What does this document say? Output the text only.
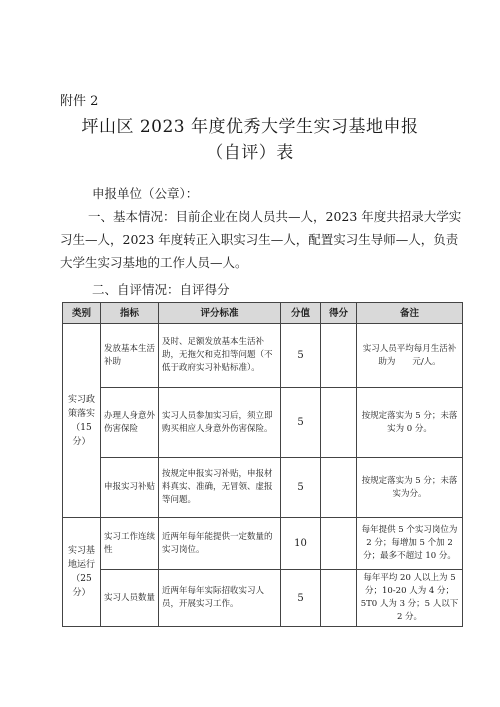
附件 2
坪山区 2023 年度优秀大学生实习基地申报
（自评）表
申报单位（公章）：
一、基本情况：目前企业在岗人员共—人，2023 年度共招录大学实习生—人，2023 年度转正入职实习生—人，配置实习生导师—人，负责大学生实习基地的工作人员—人。
二、自评情况：自评得分
类别	指标	评分标准	分值	得分	备注
实习政策落实（15 分）	发放基本生活补助	及时、足额发放基本生活补助，无拖欠和克扣等问题（不低于政府实习补贴标准）。	5		实习人员平均每月生活补助为　　元/人。
	办理人身意外伤害保险	实习人员参加实习后，须立即购买相应人身意外伤害保险。	5		按规定落实为 5 分；未落实为 0 分。
	申报实习补贴	按规定申报实习补贴，申报材料真实、准确，无冒领、虚报等问题。	5		按规定落实为 5 分；未落实为分。
实习基地运行（25 分）	实习工作连续性	近两年每年能提供一定数量的实习岗位。	10		每年提供 5 个实习岗位为 2 分；每增加 5 个加 2 分；最多不超过 10 分。
	实习人员数量	近两年每年实际招收实习人员，开展实习工作。	5		每年平均 20 人以上为 5 分；10-20 人为 4 分；5T0 人为 3 分；5 人以下 2 分。
